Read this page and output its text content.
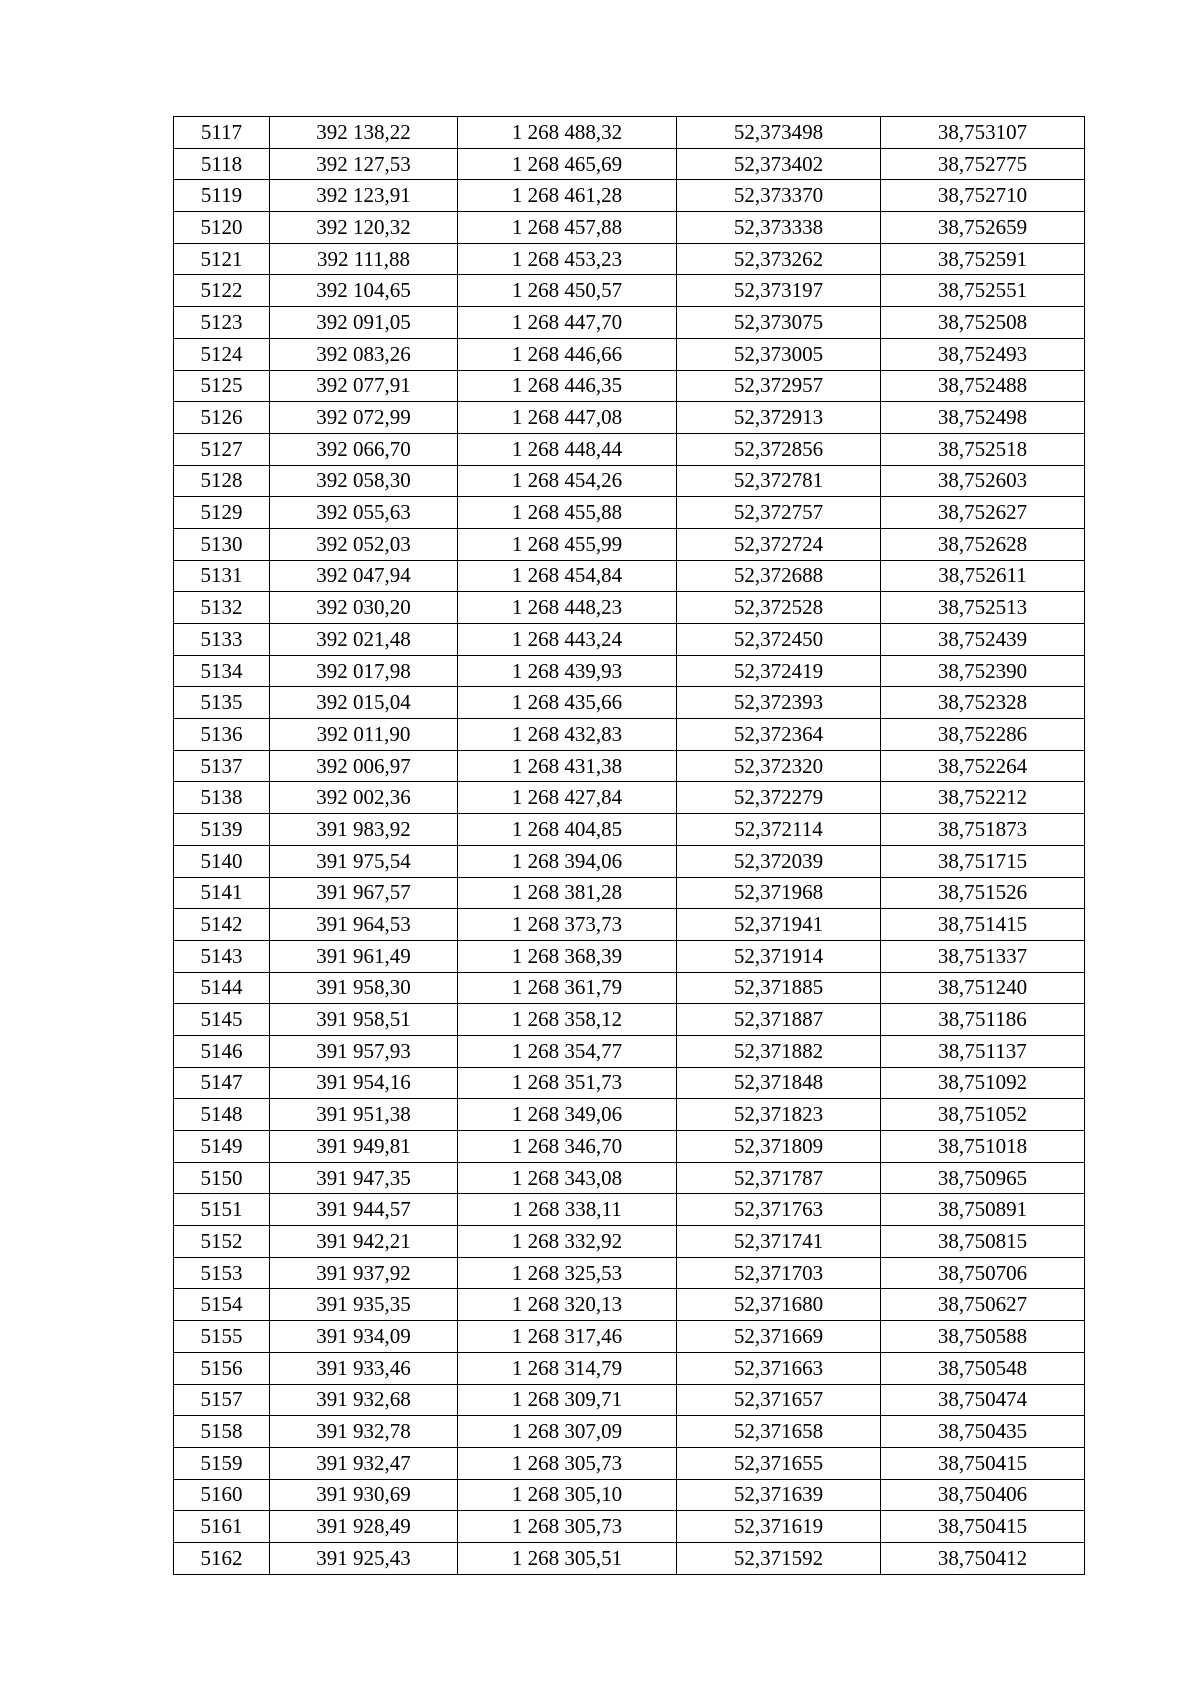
5117	392 138,22	1 268 488,32	52,373498	38,753107
5118	392 127,53	1 268 465,69	52,373402	38,752775
5119	392 123,91	1 268 461,28	52,373370	38,752710
5120	392 120,32	1 268 457,88	52,373338	38,752659
5121	392 111,88	1 268 453,23	52,373262	38,752591
5122	392 104,65	1 268 450,57	52,373197	38,752551
5123	392 091,05	1 268 447,70	52,373075	38,752508
5124	392 083,26	1 268 446,66	52,373005	38,752493
5125	392 077,91	1 268 446,35	52,372957	38,752488
5126	392 072,99	1 268 447,08	52,372913	38,752498
5127	392 066,70	1 268 448,44	52,372856	38,752518
5128	392 058,30	1 268 454,26	52,372781	38,752603
5129	392 055,63	1 268 455,88	52,372757	38,752627
5130	392 052,03	1 268 455,99	52,372724	38,752628
5131	392 047,94	1 268 454,84	52,372688	38,752611
5132	392 030,20	1 268 448,23	52,372528	38,752513
5133	392 021,48	1 268 443,24	52,372450	38,752439
5134	392 017,98	1 268 439,93	52,372419	38,752390
5135	392 015,04	1 268 435,66	52,372393	38,752328
5136	392 011,90	1 268 432,83	52,372364	38,752286
5137	392 006,97	1 268 431,38	52,372320	38,752264
5138	392 002,36	1 268 427,84	52,372279	38,752212
5139	391 983,92	1 268 404,85	52,372114	38,751873
5140	391 975,54	1 268 394,06	52,372039	38,751715
5141	391 967,57	1 268 381,28	52,371968	38,751526
5142	391 964,53	1 268 373,73	52,371941	38,751415
5143	391 961,49	1 268 368,39	52,371914	38,751337
5144	391 958,30	1 268 361,79	52,371885	38,751240
5145	391 958,51	1 268 358,12	52,371887	38,751186
5146	391 957,93	1 268 354,77	52,371882	38,751137
5147	391 954,16	1 268 351,73	52,371848	38,751092
5148	391 951,38	1 268 349,06	52,371823	38,751052
5149	391 949,81	1 268 346,70	52,371809	38,751018
5150	391 947,35	1 268 343,08	52,371787	38,750965
5151	391 944,57	1 268 338,11	52,371763	38,750891
5152	391 942,21	1 268 332,92	52,371741	38,750815
5153	391 937,92	1 268 325,53	52,371703	38,750706
5154	391 935,35	1 268 320,13	52,371680	38,750627
5155	391 934,09	1 268 317,46	52,371669	38,750588
5156	391 933,46	1 268 314,79	52,371663	38,750548
5157	391 932,68	1 268 309,71	52,371657	38,750474
5158	391 932,78	1 268 307,09	52,371658	38,750435
5159	391 932,47	1 268 305,73	52,371655	38,750415
5160	391 930,69	1 268 305,10	52,371639	38,750406
5161	391 928,49	1 268 305,73	52,371619	38,750415
5162	391 925,43	1 268 305,51	52,371592	38,750412
